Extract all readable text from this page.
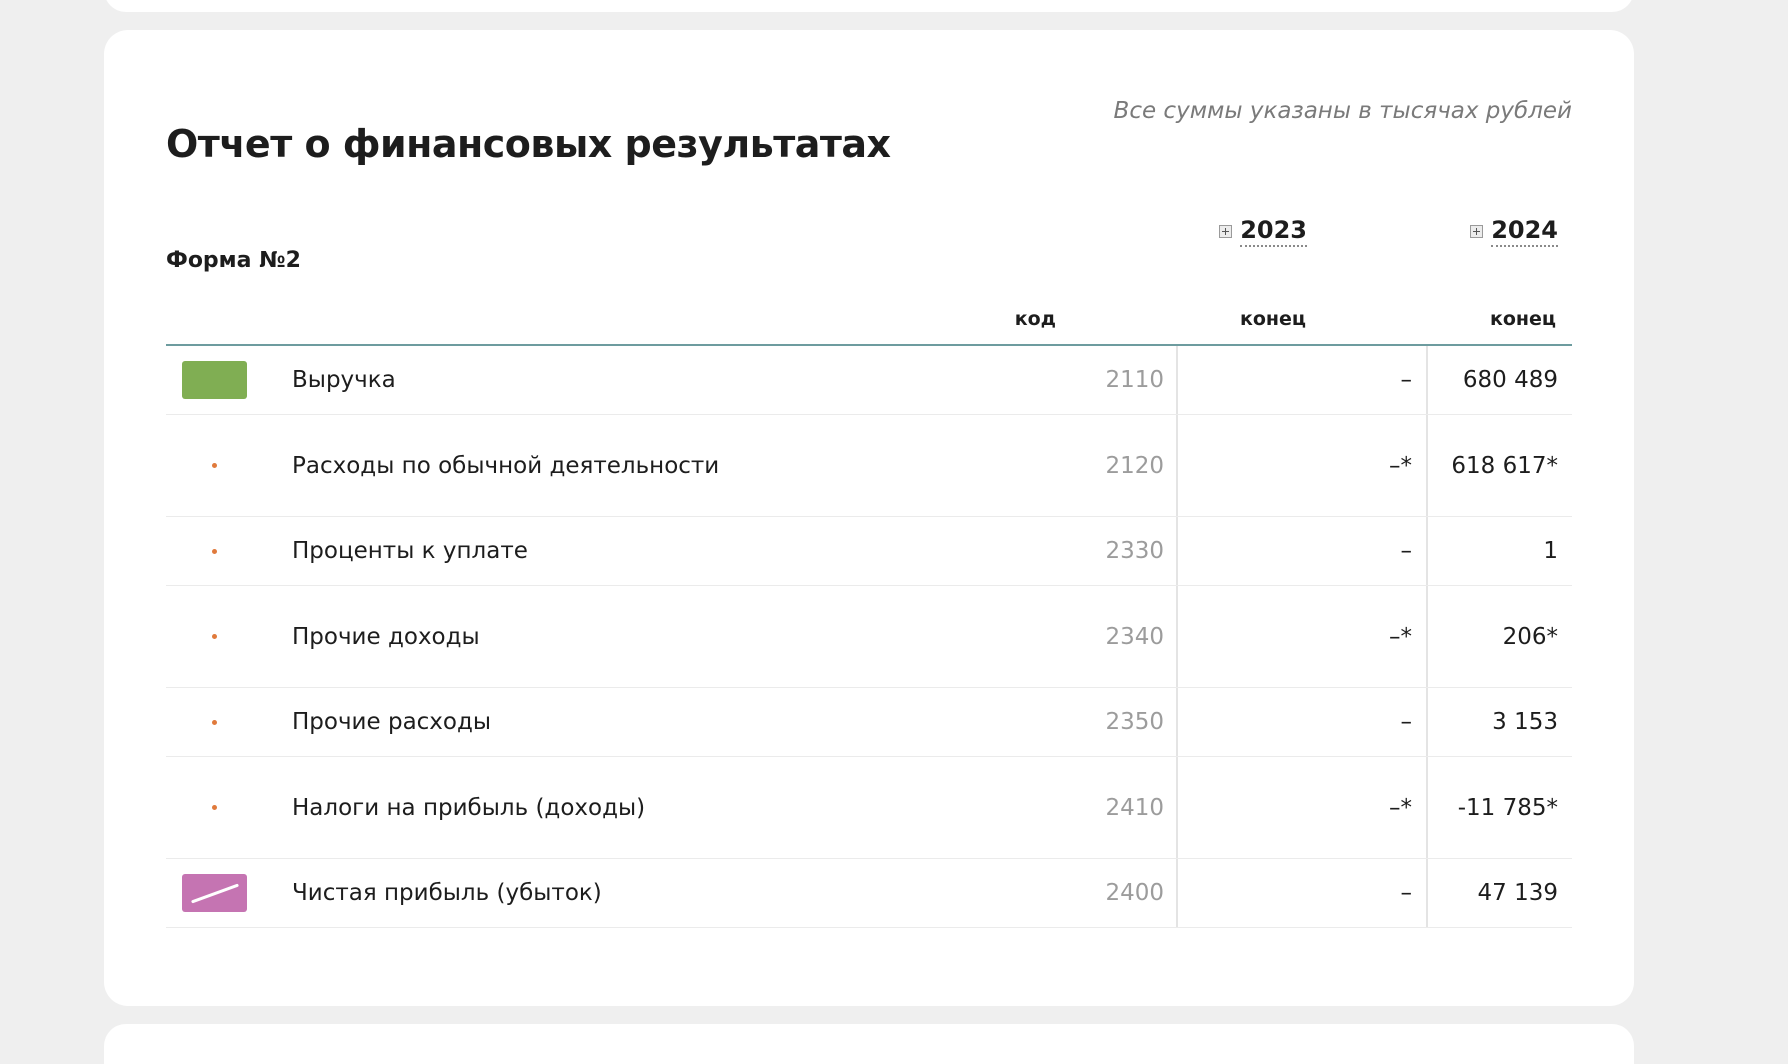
Отчет о финансовых результатах
Все суммы указаны в тысячах рублей
Форма №2
2023	2024
код	конец	конец
Выручка	2110	–	680 489
Расходы по обычной деятельности	2120	–*	618 617*
Проценты к уплате	2330	–	1
Прочие доходы	2340	–*	206*
Прочие расходы	2350	–	3 153
Налоги на прибыль (доходы)	2410	–*	-11 785*
Чистая прибыль (убыток)	2400	–	47 139
